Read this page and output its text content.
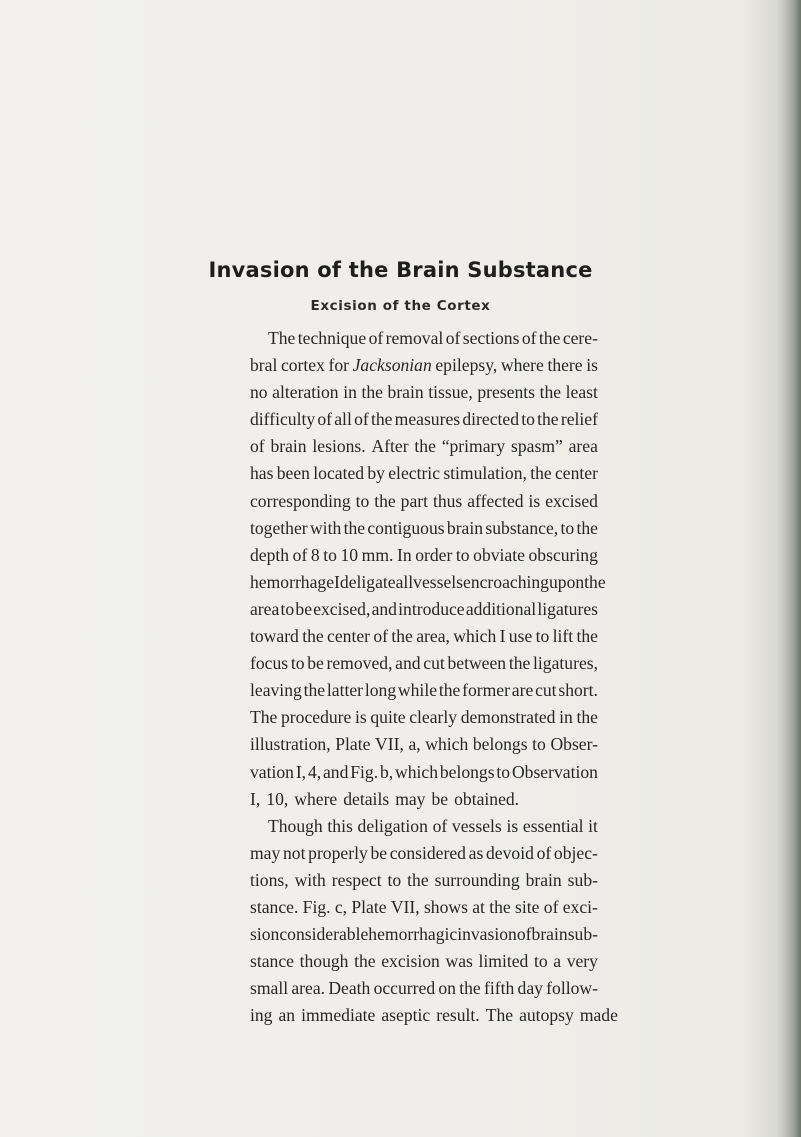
Invasion of the Brain Substance
Excision of the Cortex
The technique of removal of sections of the cere-
bral cortex for Jacksonian epilepsy, where there is
no alteration in the brain tissue, presents the least
difficulty of all of the measures directed to the relief
of brain lesions. After the “primary spasm” area
has been located by electric stimulation, the center
corresponding to the part thus affected is excised
together with the contiguous brain substance, to the
depth of 8 to 10 mm. In order to obviate obscuring
hemorrhage I deligate all vessels encroaching upon the
area to be excised, and introduce additional ligatures
toward the center of the area, which I use to lift the
focus to be removed, and cut between the ligatures,
leaving the latter long while the former are cut short.
The procedure is quite clearly demonstrated in the
illustration, Plate VII, a, which belongs to Obser-
vation I, 4, and Fig. b, which belongs to Observation
I, 10, where details may be obtained.
Though this deligation of vessels is essential it
may not properly be considered as devoid of objec-
tions, with respect to the surrounding brain sub-
stance. Fig. c, Plate VII, shows at the site of exci-
sion considerable hemorrhagic invasion of brain sub-
stance though the excision was limited to a very
small area. Death occurred on the fifth day follow-
ing an immediate aseptic result. The autopsy made
